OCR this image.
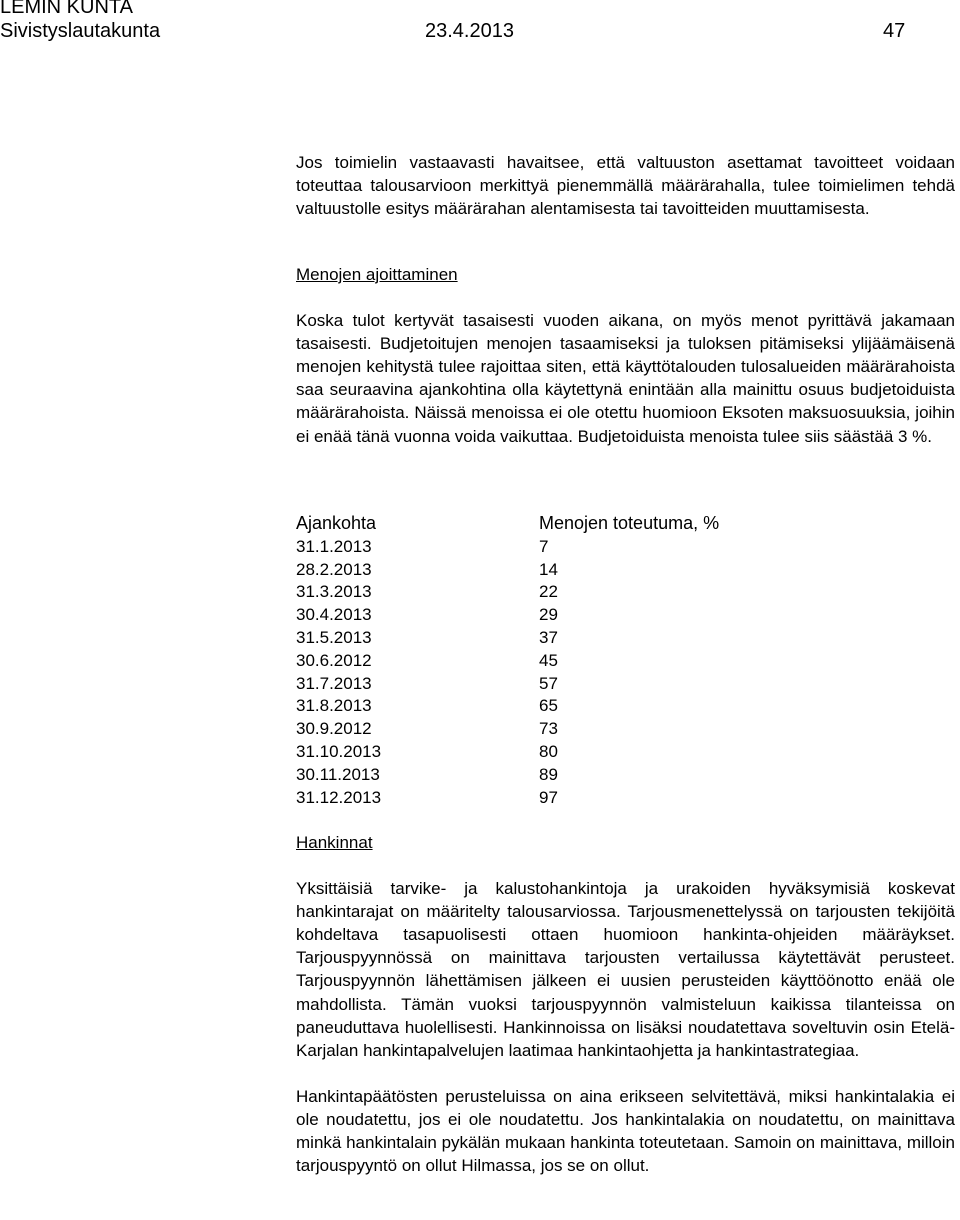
LEMIN KUNTA
Sivistyslautakunta	23.4.2013	47

Jos toimielin vastaavasti havaitsee, että valtuuston asettamat tavoitteet voidaan toteuttaa talousarvioon merkittyä pienemmällä määrärahalla, tulee toimielimen tehdä valtuustolle esitys määrärahan alentamisesta tai tavoitteiden muuttamisesta.

Menojen ajoittaminen

Koska tulot kertyvät tasaisesti vuoden aikana, on myös menot pyrittävä jakamaan tasaisesti. Budjetoitujen menojen tasaamiseksi ja tuloksen pitämiseksi ylijäämäisenä menojen kehitystä tulee rajoittaa siten, että käyttötalouden tulosalueiden määrärahoista saa seuraavina ajankohtina olla käytettynä enintään alla mainittu osuus budjetoiduista määrärahoista. Näissä menoissa ei ole otettu huomioon Eksoten maksuosuuksia, joihin ei enää tänä vuonna voida vaikuttaa. Budjetoiduista menoista tulee siis säästää 3 %.

Ajankohta	Menojen toteutuma, %
31.1.2013	7
28.2.2013	14
31.3.2013	22
30.4.2013	29
31.5.2013	37
30.6.2012	45
31.7.2013	57
31.8.2013	65
30.9.2012	73
31.10.2013	80
30.11.2013	89
31.12.2013	97
Hankinnat

Yksittäisiä tarvike- ja kalustohankintoja ja urakoiden hyväksymisiä koskevat hankintarajat on määritelty talousarviossa. Tarjousmenettelyssä on tarjousten tekijöitä kohdeltava tasapuolisesti ottaen huomioon hankinta-ohjeiden määräykset. Tarjouspyynnössä on mainittava tarjousten vertailussa käytettävät perusteet. Tarjouspyynnön lähettämisen jälkeen ei uusien perusteiden käyttöönotto enää ole mahdollista. Tämän vuoksi tarjouspyynnön valmisteluun kaikissa tilanteissa on paneuduttava huolellisesti. Hankinnoissa on lisäksi noudatettava soveltuvin osin Etelä-Karjalan hankintapalvelujen laatimaa hankintaohjetta ja hankintastrategiaa.

Hankintapäätösten perusteluissa on aina erikseen selvitettävä, miksi hankintalakia ei ole noudatettu, jos ei ole noudatettu. Jos hankintalakia on noudatettu, on mainittava minkä hankintalain pykälän mukaan hankinta toteutetaan. Samoin on mainittava, milloin tarjouspyyntö on ollut Hilmassa, jos se on ollut.
